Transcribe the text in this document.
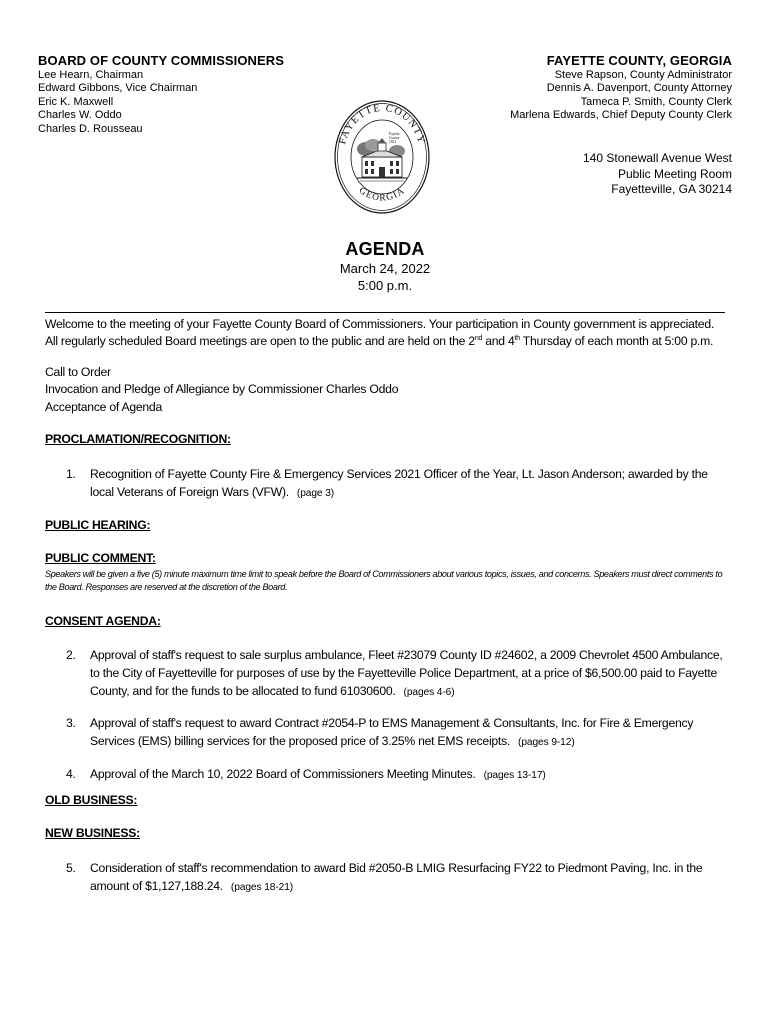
BOARD OF COUNTY COMMISSIONERS
Lee Hearn, Chairman
Edward Gibbons, Vice Chairman
Eric K. Maxwell
Charles W. Oddo
Charles D. Rousseau
FAYETTE COUNTY, GEORGIA
Steve Rapson, County Administrator
Dennis A. Davenport, County Attorney
Tameca P. Smith, County Clerk
Marlena Edwards, Chief Deputy County Clerk
140 Stonewall Avenue West
Public Meeting Room
Fayetteville, GA 30214
FAYETTE COUNTY
GEORGIA
Fayette
County
1821
AGENDA
March 24, 2022
5:00 p.m.
Welcome to the meeting of your Fayette County Board of Commissioners. Your participation in County government is appreciated. All regularly scheduled Board meetings are open to the public and are held on the 2nd and 4th Thursday of each month at 5:00 p.m.
Call to Order
Invocation and Pledge of Allegiance by Commissioner Charles Oddo
Acceptance of Agenda
PROCLAMATION/RECOGNITION:
1.	Recognition of Fayette County Fire & Emergency Services 2021 Officer of the Year, Lt. Jason Anderson; awarded by the local Veterans of Foreign Wars (VFW). (page 3)
PUBLIC HEARING:
PUBLIC COMMENT:
Speakers will be given a five (5) minute maximum time limit to speak before the Board of Commissioners about various topics, issues, and concerns. Speakers must direct comments to the Board. Responses are reserved at the discretion of the Board.
CONSENT AGENDA:
2.	Approval of staff's request to sale surplus ambulance, Fleet #23079 County ID #24602, a 2009 Chevrolet 4500 Ambulance, to the City of Fayetteville for purposes of use by the Fayetteville Police Department, at a price of $6,500.00 paid to Fayette County, and for the funds to be allocated to fund 61030600. (pages 4-6)
3.	Approval of staff's request to award Contract #2054-P to EMS Management & Consultants, Inc. for Fire & Emergency Services (EMS) billing services for the proposed price of 3.25% net EMS receipts. (pages 9-12)
4.	Approval of the March 10, 2022 Board of Commissioners Meeting Minutes. (pages 13-17)
OLD BUSINESS:
NEW BUSINESS:
5.	Consideration of staff's recommendation to award Bid #2050-B LMIG Resurfacing FY22 to Piedmont Paving, Inc. in the amount of $1,127,188.24. (pages 18-21)
